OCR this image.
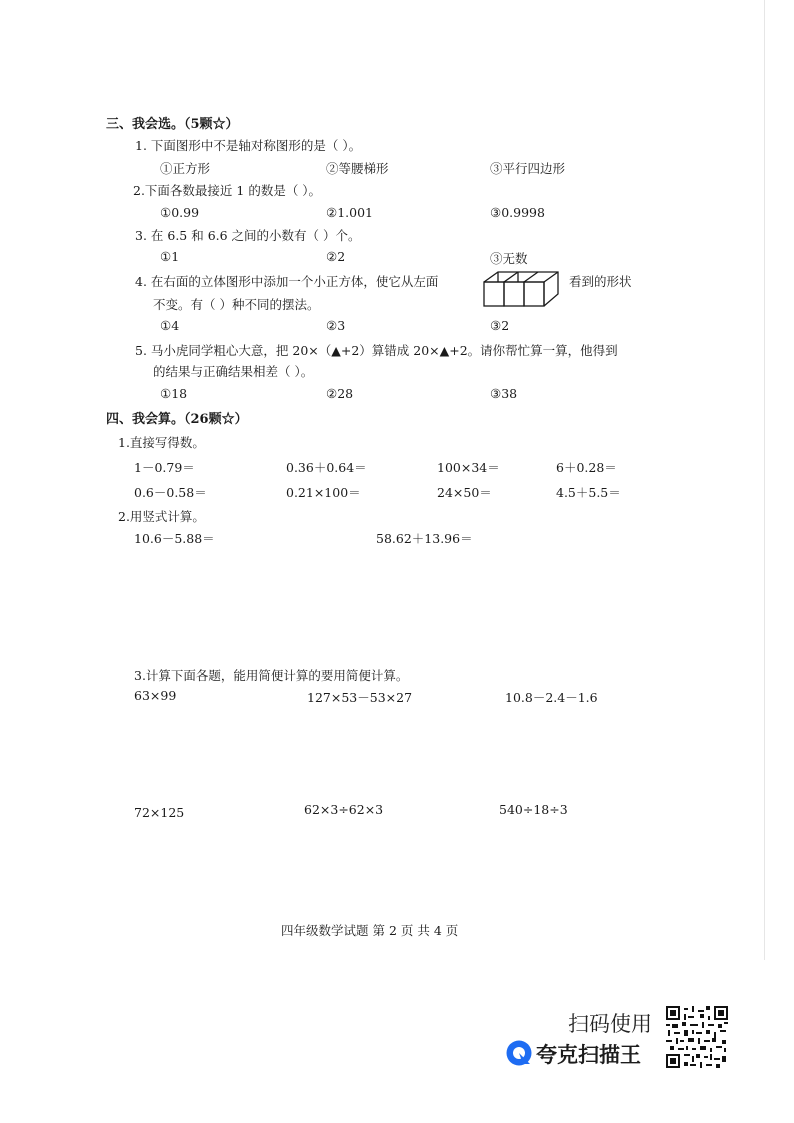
三、我会选。（5颗☆）
1. 下面图形中不是轴对称图形的是（ ）。
①正方形	②等腰梯形	③平行四边形
2.下面各数最接近 1 的数是（ ）。
①0.99	②1.001	③0.9998
3. 在 6.5 和 6.6 之间的小数有（ ）个。
①1	②2	③无数
4. 在右面的立体图形中添加一个小正方体，使它从左面	看到的形状
不变。有（ ）种不同的摆法。
①4	②3	③2
5. 马小虎同学粗心大意，把 20×（▲+2）算错成 20×▲+2。请你帮忙算一算，他得到
的结果与正确结果相差（ ）。
①18	②28	③38
四、我会算。（26颗☆）
1.直接写得数。
1－0.79＝	0.36＋0.64＝	100×34＝	6＋0.28＝
0.6－0.58＝	0.21×100＝	24×50＝	4.5＋5.5＝
2.用竖式计算。
10.6－5.88＝	58.62＋13.96＝
3.计算下面各题，能用简便计算的要用简便计算。
63×99	127×53－53×27	10.8－2.4－1.6
72×125	62×3÷62×3	540÷18÷3
四年级数学试题 第 2 页 共 4 页
扫码使用
夸克扫描王
